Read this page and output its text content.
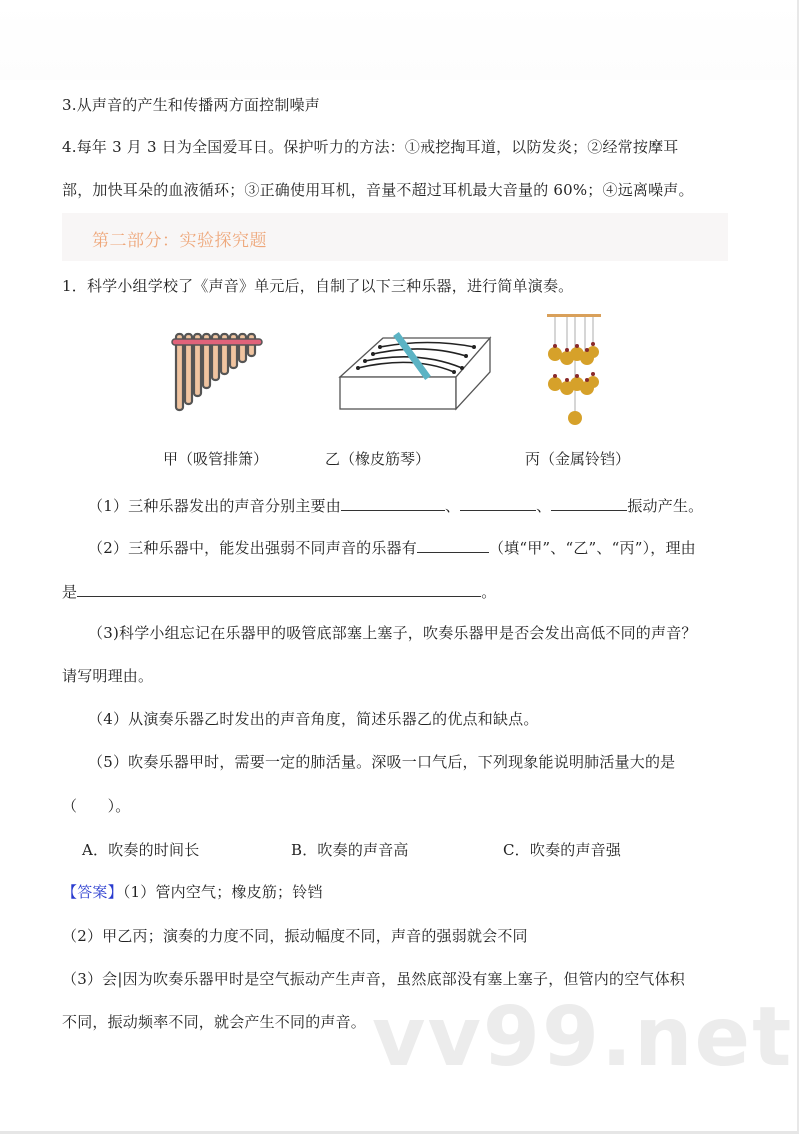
3.从声音的产生和传播两方面控制噪声
4.每年 3 月 3 日为全国爱耳日。保护听力的方法：①戒挖掏耳道，以防发炎；②经常按摩耳
部，加快耳朵的血液循环；③正确使用耳机，音量不超过耳机最大音量的 60%；④远离噪声。
第二部分：实验探究题
1．科学小组学校了《声音》单元后，自制了以下三种乐器，进行简单演奏。
甲（吸管排箫）	乙（橡皮筋琴）	丙（金属铃铛）
（1）三种乐器发出的声音分别主要由	、	、	振动产生。
（2）三种乐器中，能发出强弱不同声音的乐器有	（填“甲”、“乙”、“丙”），理由
是	。
（3)科学小组忘记在乐器甲的吸管底部塞上塞子，吹奏乐器甲是否会发出高低不同的声音？
请写明理由。
（4）从演奏乐器乙时发出的声音角度，简述乐器乙的优点和缺点。
（5）吹奏乐器甲时，需要一定的肺活量。深吸一口气后，下列现象能说明肺活量大的是
（　　）。
A．吹奏的时间长	B．吹奏的声音高	C．吹奏的声音强
【答案】（1）管内空气；橡皮筋；铃铛
（2）甲乙丙；演奏的力度不同，振动幅度不同，声音的强弱就会不同
（3）会|因为吹奏乐器甲时是空气振动产生声音，虽然底部没有塞上塞子，但管内的空气体积
不同，振动频率不同，就会产生不同的声音。 vv99.net
